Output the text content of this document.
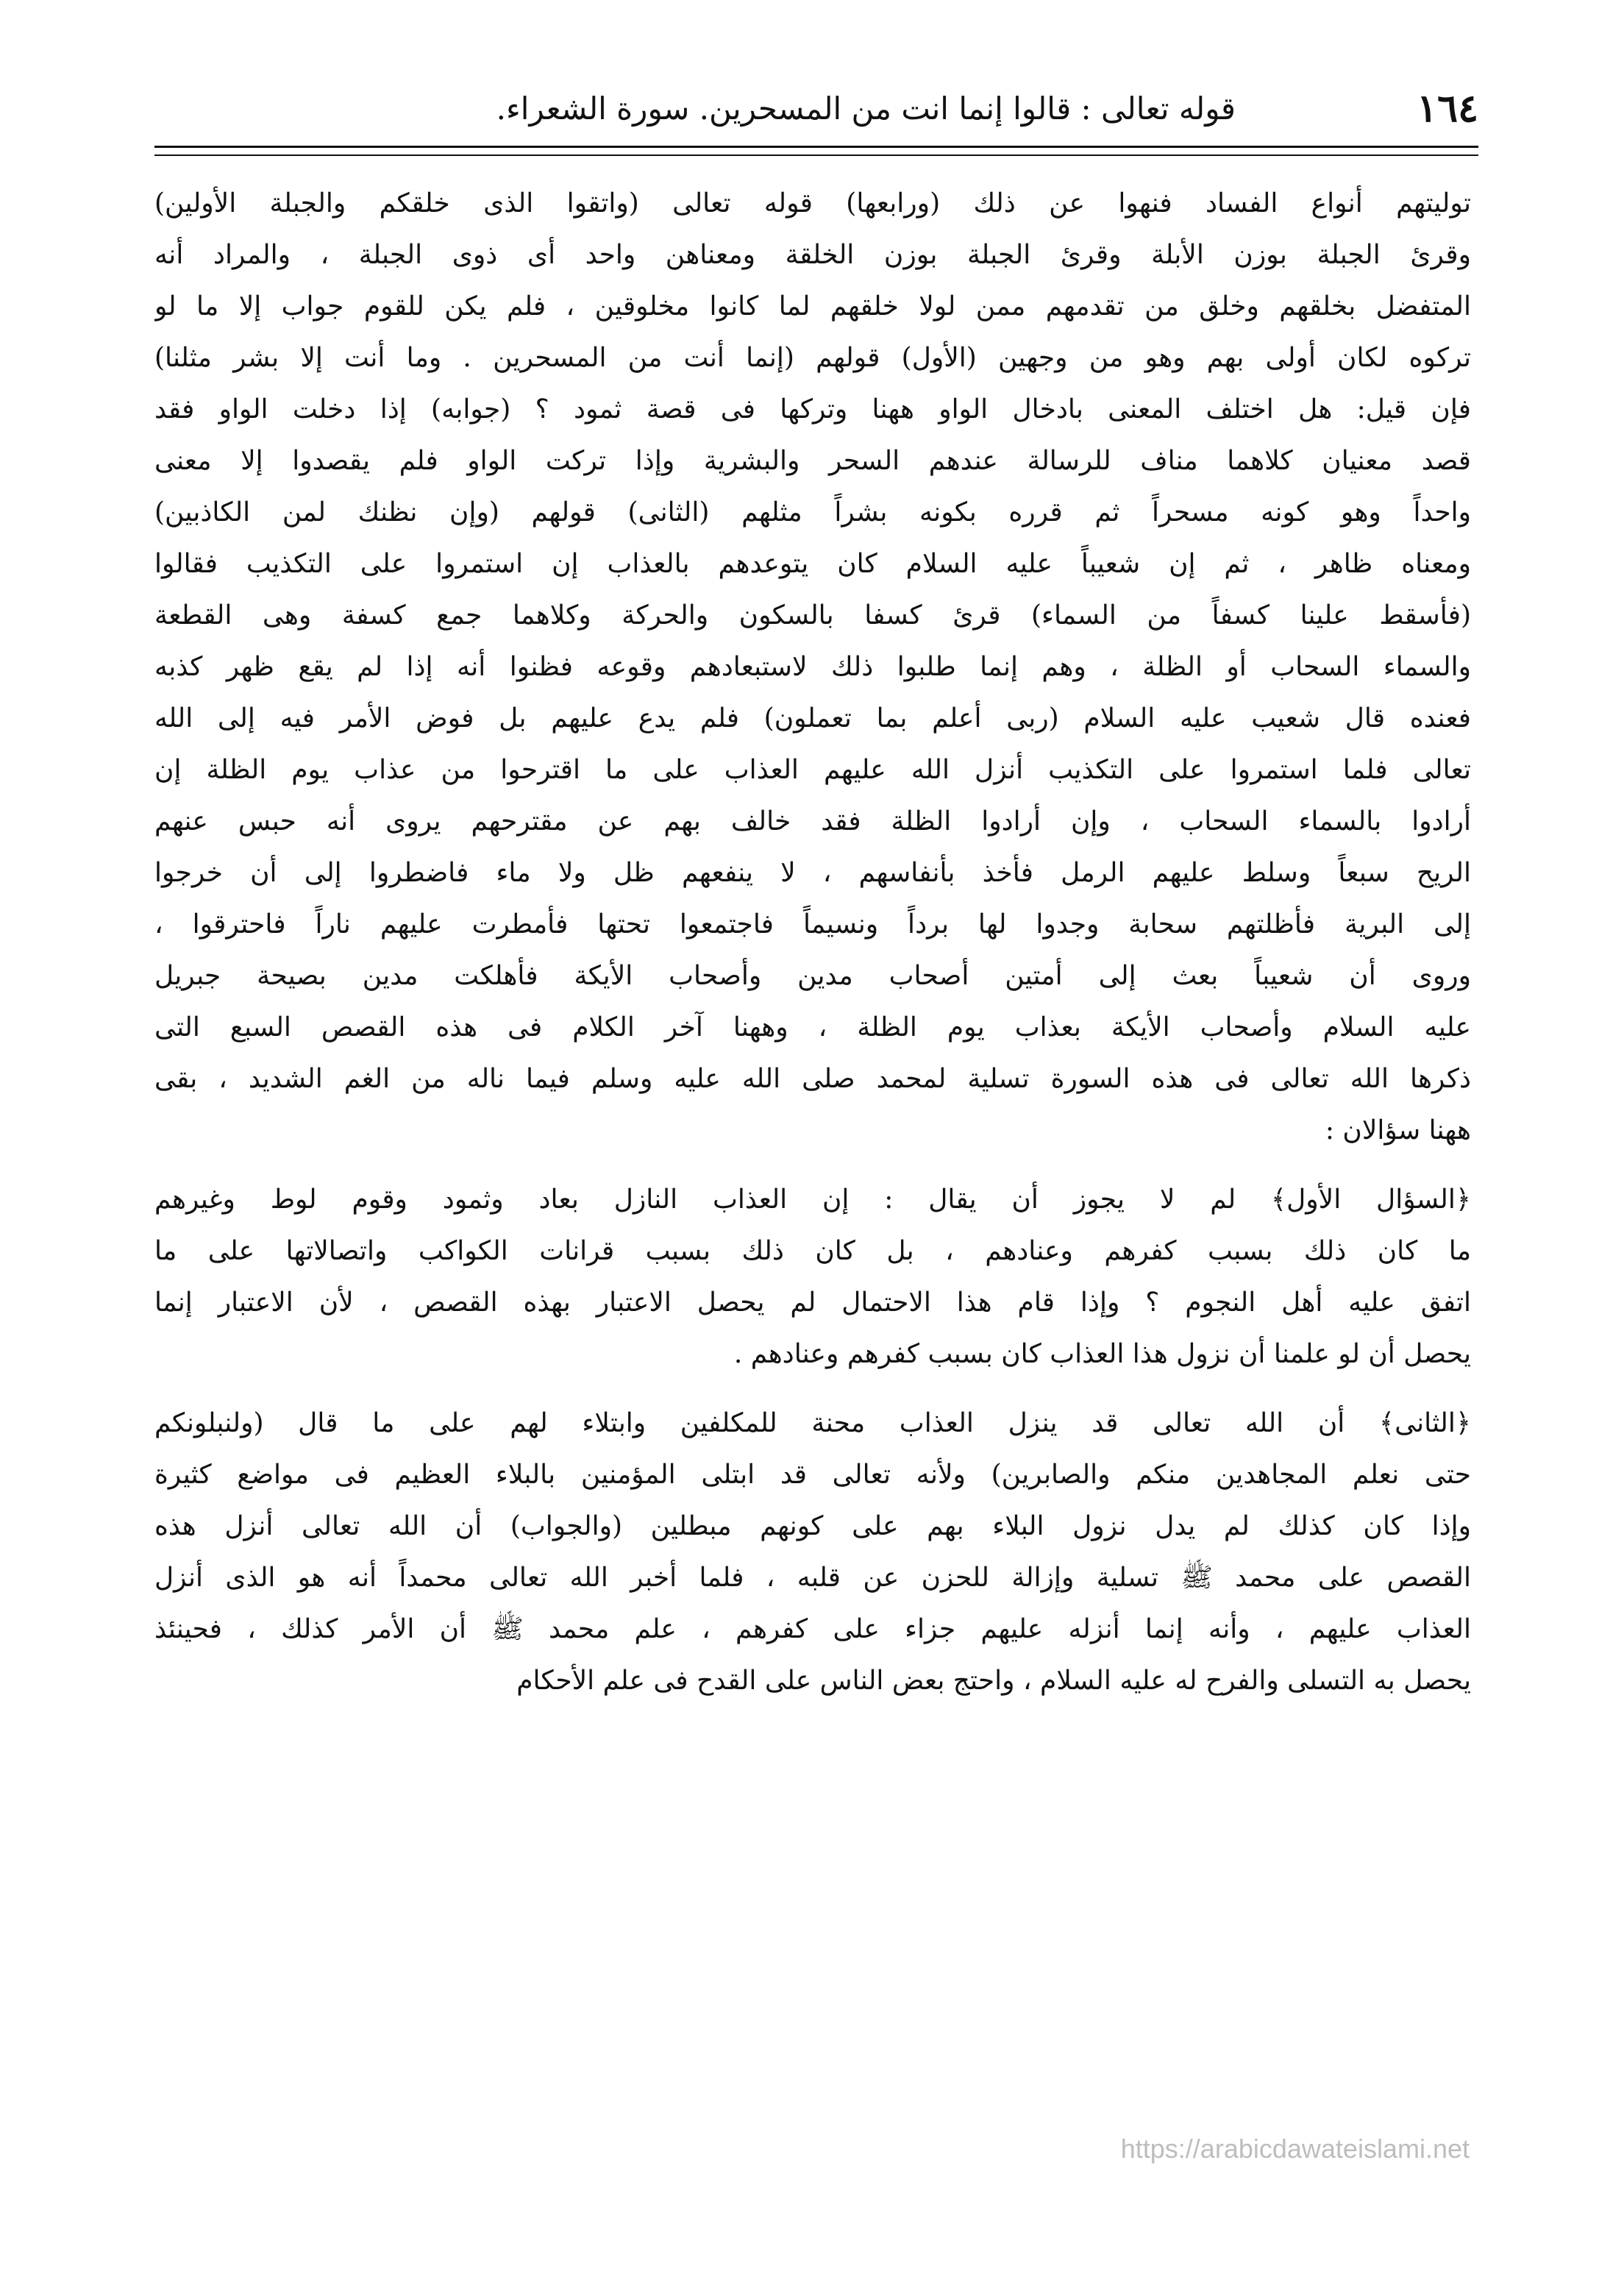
١٦٤
قوله تعالى : قالوا إنما انت من المسحرين. سورة الشعراء.
توليتهم أنواع الفساد فنهوا عن ذلك (ورابعها) قوله تعالى (واتقوا الذى خلقكم والجبلة الأولين)
وقرئ الجبلة بوزن الأبلة وقرئ الجبلة بوزن الخلقة ومعناهن واحد أى ذوى الجبلة ، والمراد أنه
المتفضل بخلقهم وخلق من تقدمهم ممن لولا خلقهم لما كانوا مخلوقين ، فلم يكن للقوم جواب إلا ما لو
تركوه لكان أولى بهم وهو من وجهين (الأول) قولهم (إنما أنت من المسحرين . وما أنت إلا بشر مثلنا)
فإن قيل: هل اختلف المعنى بادخال الواو ههنا وتركها فى قصة ثمود ؟ (جوابه) إذا دخلت الواو فقد
قصد معنيان كلاهما مناف للرسالة عندهم السحر والبشرية وإذا تركت الواو فلم يقصدوا إلا معنى
واحداً وهو كونه مسحراً ثم قرره بكونه بشراً مثلهم (الثانى) قولهم (وإن نظنك لمن الكاذبين)
ومعناه ظاهر ، ثم إن شعيباً عليه السلام كان يتوعدهم بالعذاب إن استمروا على التكذيب فقالوا
(فأسقط علينا كسفاً من السماء) قرئ كسفا بالسكون والحركة وكلاهما جمع كسفة وهى القطعة
والسماء السحاب أو الظلة ، وهم إنما طلبوا ذلك لاستبعادهم وقوعه فظنوا أنه إذا لم يقع ظهر كذبه
فعنده قال شعيب عليه السلام (ربى أعلم بما تعملون) فلم يدع عليهم بل فوض الأمر فيه إلى الله
تعالى فلما استمروا على التكذيب أنزل الله عليهم العذاب على ما اقترحوا من عذاب يوم الظلة إن
أرادوا بالسماء السحاب ، وإن أرادوا الظلة فقد خالف بهم عن مقترحهم يروى أنه حبس عنهم
الريح سبعاً وسلط عليهم الرمل فأخذ بأنفاسهم ، لا ينفعهم ظل ولا ماء فاضطروا إلى أن خرجوا
إلى البرية فأظلتهم سحابة وجدوا لها برداً ونسيماً فاجتمعوا تحتها فأمطرت عليهم ناراً فاحترقوا ،
وروى أن شعيباً بعث إلى أمتين أصحاب مدين وأصحاب الأيكة فأهلكت مدين بصيحة جبريل
عليه السلام وأصحاب الأيكة بعذاب يوم الظلة ، وههنا آخر الكلام فى هذه القصص السبع التى
ذكرها الله تعالى فى هذه السورة تسلية لمحمد صلى الله عليه وسلم فيما ناله من الغم الشديد ، بقى
ههنا سؤالان :
﴿السؤال الأول﴾ لم لا يجوز أن يقال : إن العذاب النازل بعاد وثمود وقوم لوط وغيرهم
ما كان ذلك بسبب كفرهم وعنادهم ، بل كان ذلك بسبب قرانات الكواكب واتصالاتها على ما
اتفق عليه أهل النجوم ؟ وإذا قام هذا الاحتمال لم يحصل الاعتبار بهذه القصص ، لأن الاعتبار إنما
يحصل أن لو علمنا أن نزول هذا العذاب كان بسبب كفرهم وعنادهم .
﴿الثانى﴾ أن الله تعالى قد ينزل العذاب محنة للمكلفين وابتلاء لهم على ما قال (ولنبلونكم
حتى نعلم المجاهدين منكم والصابرين) ولأنه تعالى قد ابتلى المؤمنين بالبلاء العظيم فى مواضع كثيرة
وإذا كان كذلك لم يدل نزول البلاء بهم على كونهم مبطلين (والجواب) أن الله تعالى أنزل هذه
القصص على محمد ﷺ تسلية وإزالة للحزن عن قلبه ، فلما أخبر الله تعالى محمداً أنه هو الذى أنزل
العذاب عليهم ، وأنه إنما أنزله عليهم جزاء على كفرهم ، علم محمد ﷺ أن الأمر كذلك ، فحينئذ
يحصل به التسلى والفرح له عليه السلام ، واحتج بعض الناس على القدح فى علم الأحكام
https://arabicdawateislami.net
